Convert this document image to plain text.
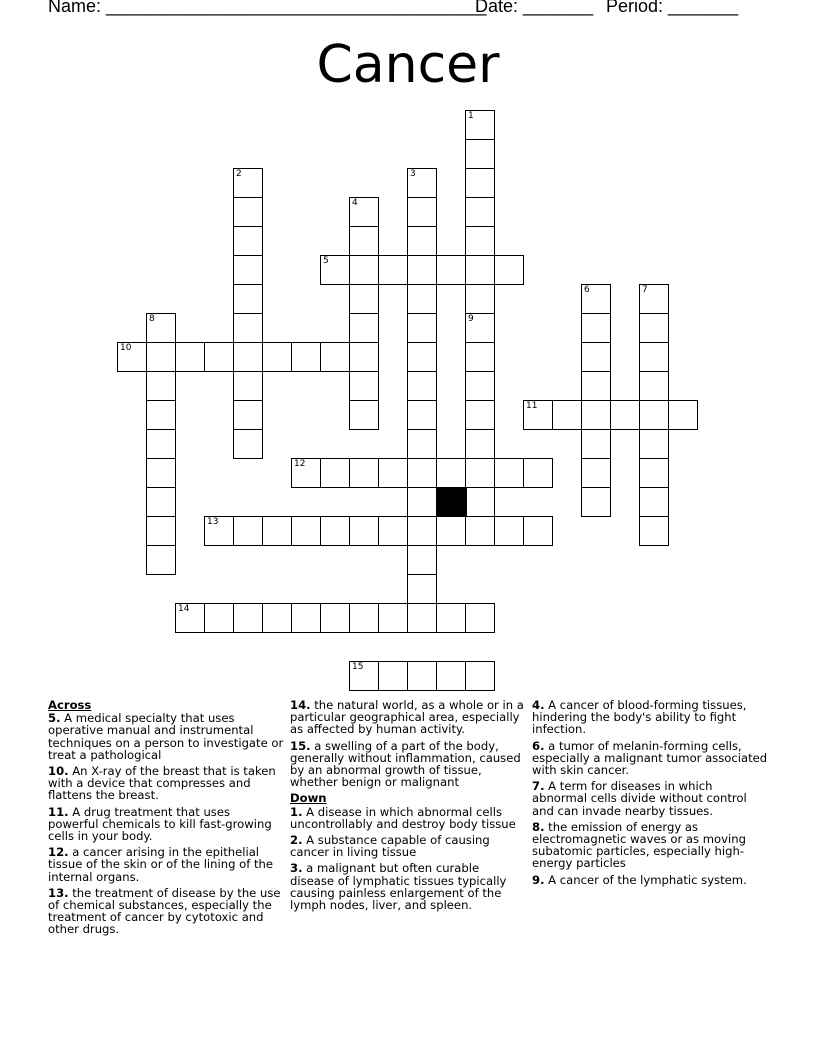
Name: ______________________________________
Date: _______ Period: _______
Cancer
1
9
2	3
4
6	7
8
5
10
11
12
13
14
15
Across
5. A medical specialty that uses operative manual and instrumental techniques on a person to investigate or treat a pathological
10. An X-ray of the breast that is taken with a device that compresses and flattens the breast.
11. A drug treatment that uses powerful chemicals to kill fast-growing cells in your body.
12. a cancer arising in the epithelial tissue of the skin or of the lining of the internal organs.
13. the treatment of disease by the use of chemical substances, especially the treatment of cancer by cytotoxic and other drugs.
14. the natural world, as a whole or in a particular geographical area, especially as affected by human activity.
15. a swelling of a part of the body, generally without inflammation, caused by an abnormal growth of tissue, whether benign or malignant
Down
1. A disease in which abnormal cells uncontrollably and destroy body tissue
2. A substance capable of causing cancer in living tissue
3. a malignant but often curable disease of lymphatic tissues typically causing painless enlargement of the lymph nodes, liver, and spleen.
4. A cancer of blood-forming tissues, hindering the body's ability to fight infection.
6. a tumor of melanin-forming cells, especially a malignant tumor associated with skin cancer.
7. A term for diseases in which abnormal cells divide without control and can invade nearby tissues.
8. the emission of energy as electromagnetic waves or as moving subatomic particles, especially high-energy particles
9. A cancer of the lymphatic system.
